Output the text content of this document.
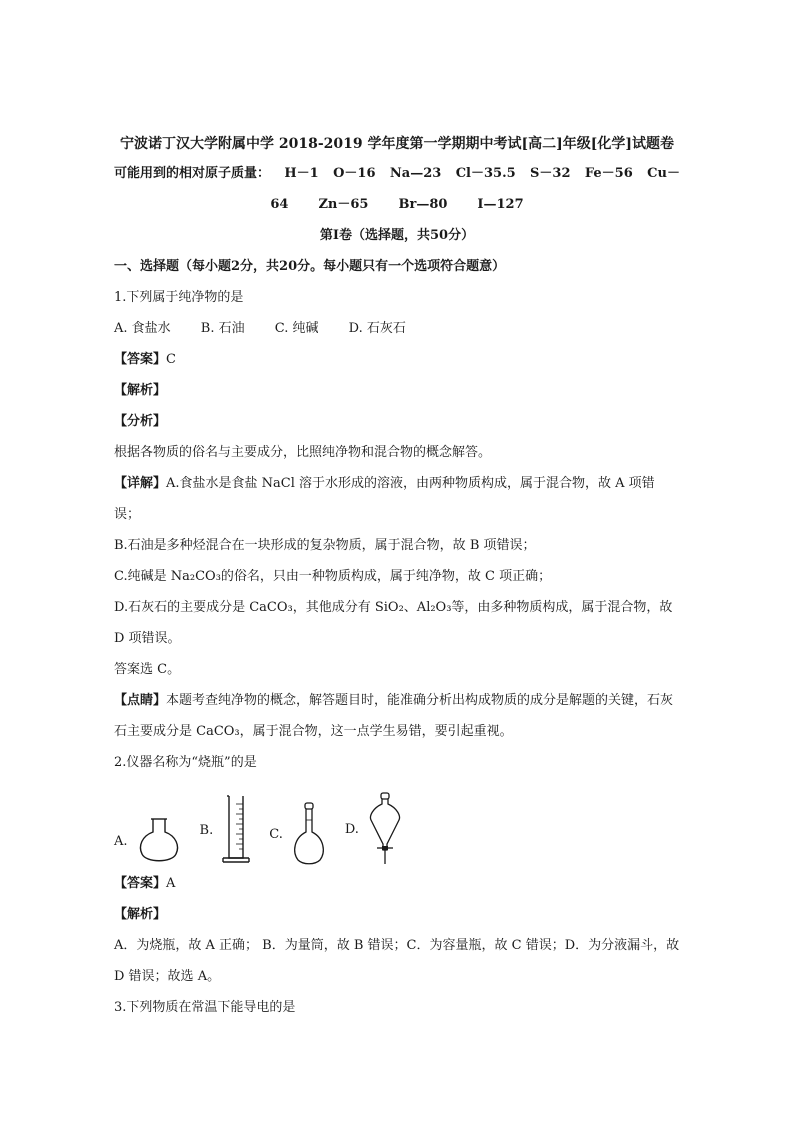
宁波诺丁汉大学附属中学 2018-2019 学年度第一学期期中考试[高二]年级[化学]试题卷
可能用到的相对原子质量： H－1 O－16 Na—23 Cl－35.5 S－32 Fe－56 Cu－
64 Zn－65 Br—80 I—127
第Ⅰ卷（选择题，共50分）
一、选择题（每小题2分，共20分。每小题只有一个选项符合题意）
1.下列属于纯净物的是
A. 食盐水 B. 石油 C. 纯碱 D. 石灰石
【答案】C
【解析】
【分析】
根据各物质的俗名与主要成分，比照纯净物和混合物的概念解答。
【详解】A.食盐水是食盐 NaCl 溶于水形成的溶液，由两种物质构成，属于混合物，故 A 项错误；
B.石油是多种烃混合在一块形成的复杂物质，属于混合物，故 B 项错误；
C.纯碱是 Na₂CO₃的俗名，只由一种物质构成，属于纯净物，故 C 项正确；
D.石灰石的主要成分是 CaCO₃，其他成分有 SiO₂、Al₂O₃等，由多种物质构成，属于混合物，故 D 项错误。
答案选 C。
【点睛】本题考查纯净物的概念，解答题目时，能准确分析出构成物质的成分是解题的关键，石灰石主要成分是 CaCO₃，属于混合物，这一点学生易错，要引起重视。
2.仪器名称为“烧瓶”的是
A.
B.	C.	D.
【答案】A
【解析】
A．为烧瓶，故 A 正确； B．为量筒，故 B 错误；C．为容量瓶，故 C 错误；D．为分液漏斗，故 D 错误；故选 A。
3.下列物质在常温下能导电的是
